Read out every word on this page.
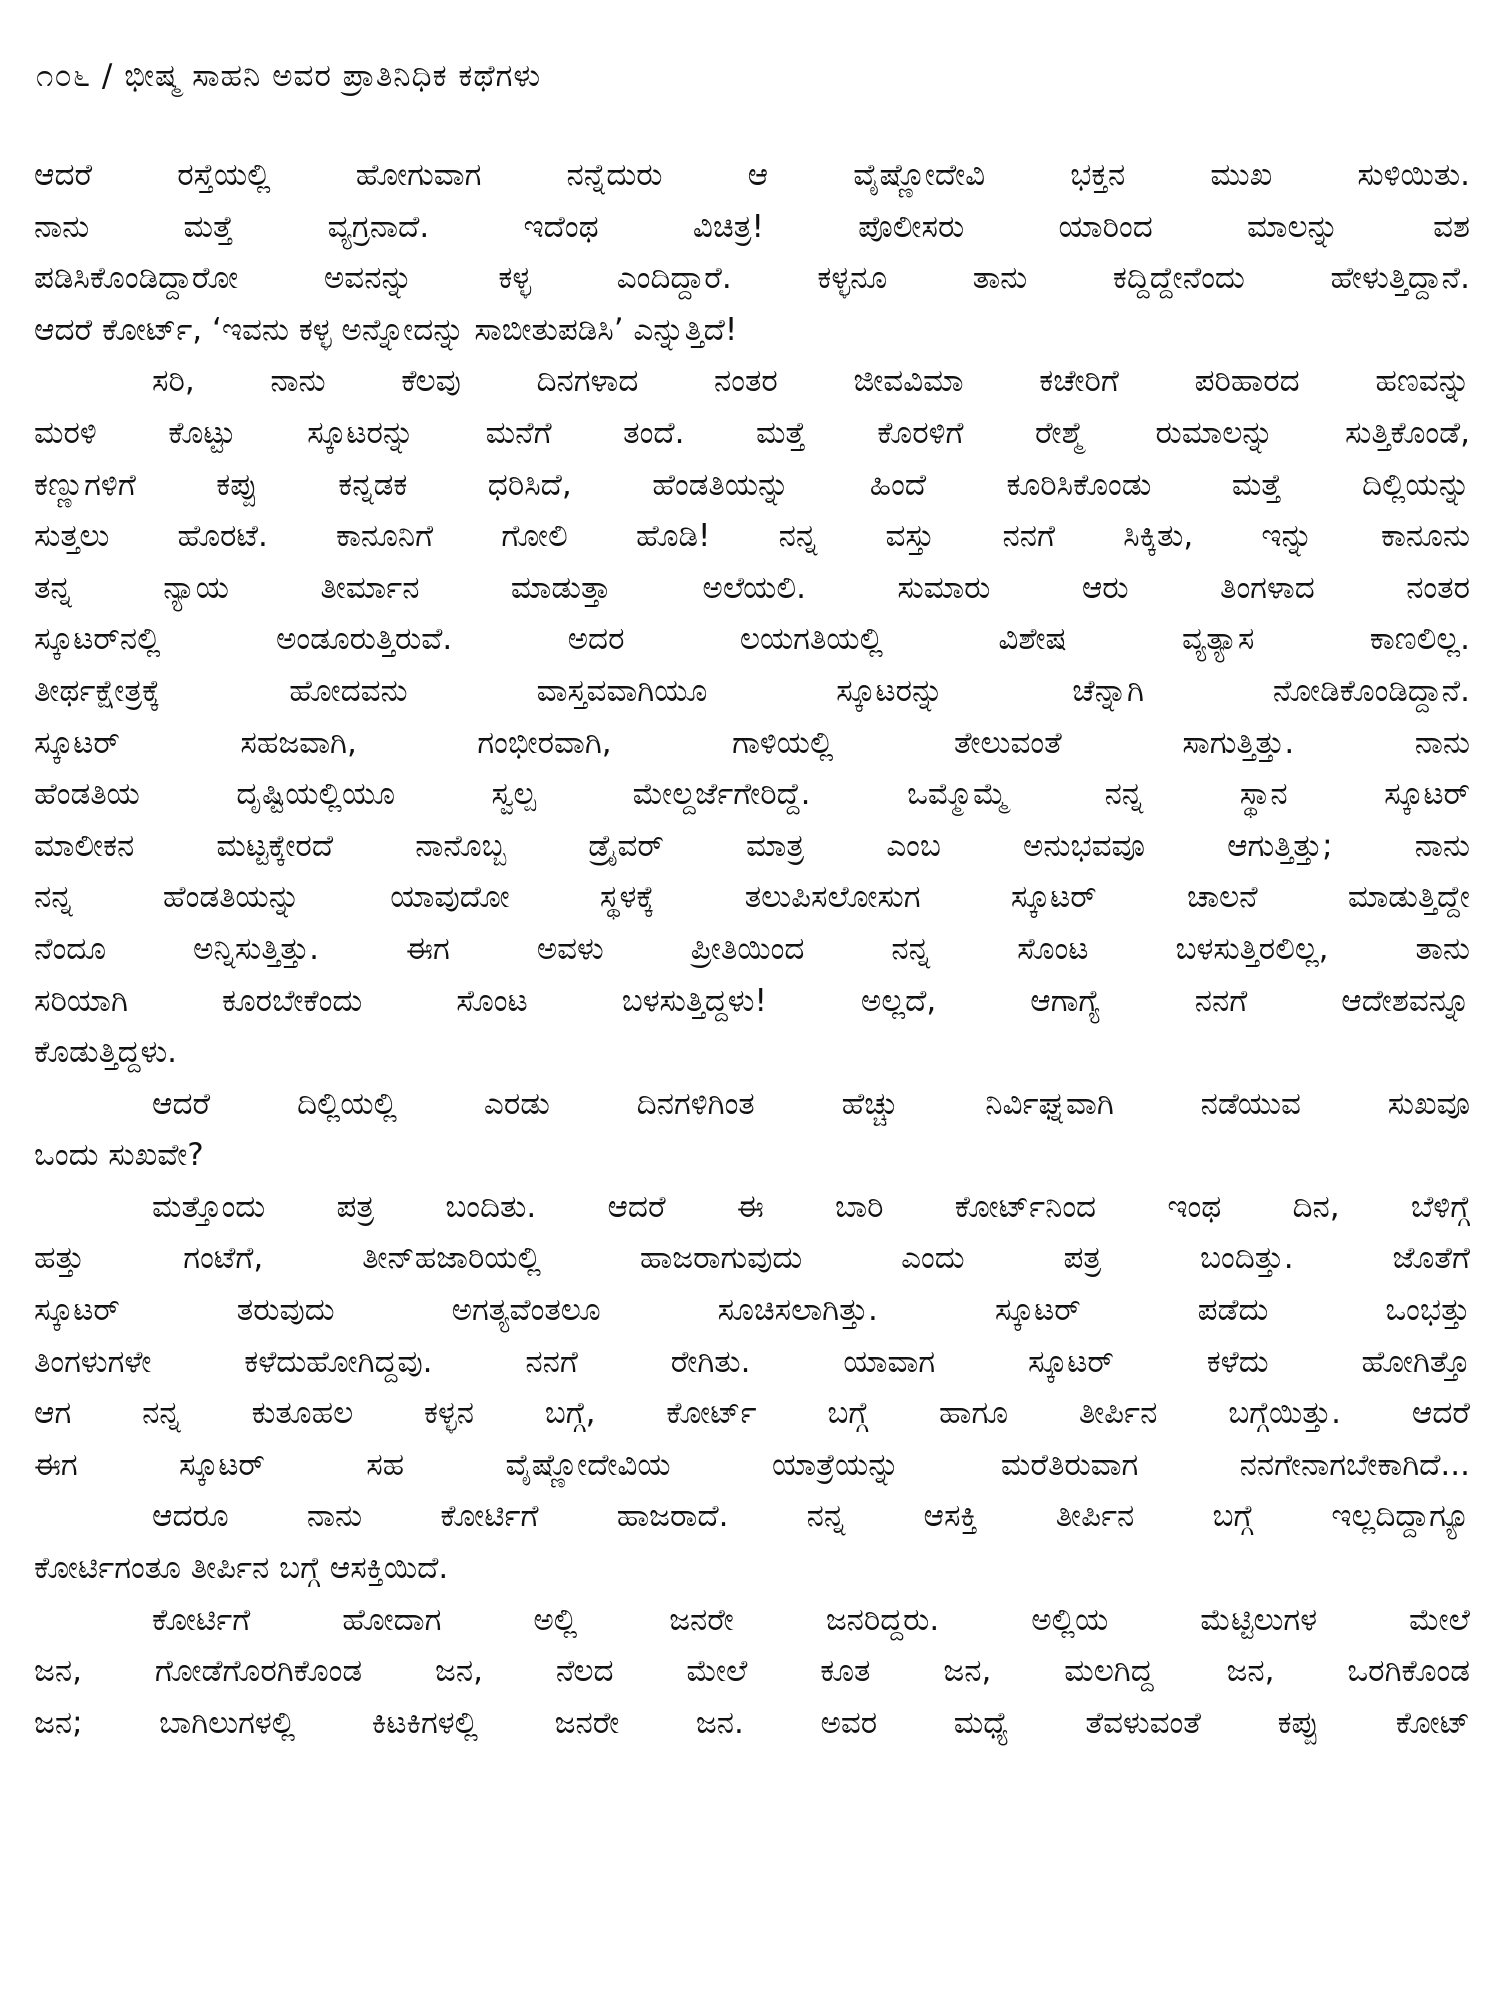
೧೦೬ / ಭೀಷ್ಮ ಸಾಹನಿ ಅವರ ಪ್ರಾತಿನಿಧಿಕ ಕಥೆಗಳು
ಆದರೆ ರಸ್ತೆಯಲ್ಲಿ ಹೋಗುವಾಗ ನನ್ನೆದುರು ಆ ವೈಷ್ಣೋದೇವಿ ಭಕ್ತನ ಮುಖ ಸುಳಿಯಿತು.
ನಾನು ಮತ್ತೆ ವ್ಯಗ್ರನಾದೆ. ಇದೆಂಥ ವಿಚಿತ್ರ! ಪೊಲೀಸರು ಯಾರಿಂದ ಮಾಲನ್ನು ವಶ
ಪಡಿಸಿಕೊಂಡಿದ್ದಾರೋ ಅವನನ್ನು ಕಳ್ಳ ಎಂದಿದ್ದಾರೆ. ಕಳ್ಳನೂ ತಾನು ಕದ್ದಿದ್ದೇನೆಂದು ಹೇಳುತ್ತಿದ್ದಾನೆ.
ಆದರೆ ಕೋರ್ಟ್, ‘ಇವನು ಕಳ್ಳ ಅನ್ನೋದನ್ನು ಸಾಬೀತುಪಡಿಸಿ’ ಎನ್ನುತ್ತಿದೆ!
ಸರಿ, ನಾನು ಕೆಲವು ದಿನಗಳಾದ ನಂತರ ಜೀವವಿಮಾ ಕಚೇರಿಗೆ ಪರಿಹಾರದ ಹಣವನ್ನು
ಮರಳಿ ಕೊಟ್ಟು ಸ್ಕೂಟರನ್ನು ಮನೆಗೆ ತಂದೆ. ಮತ್ತೆ ಕೊರಳಿಗೆ ರೇಶ್ಮೆ ರುಮಾಲನ್ನು ಸುತ್ತಿಕೊಂಡೆ,
ಕಣ್ಣುಗಳಿಗೆ ಕಪ್ಪು ಕನ್ನಡಕ ಧರಿಸಿದೆ, ಹೆಂಡತಿಯನ್ನು ಹಿಂದೆ ಕೂರಿಸಿಕೊಂಡು ಮತ್ತೆ ದಿಲ್ಲಿಯನ್ನು
ಸುತ್ತಲು ಹೊರಟೆ. ಕಾನೂನಿಗೆ ಗೋಲಿ ಹೊಡಿ! ನನ್ನ ವಸ್ತು ನನಗೆ ಸಿಕ್ಕಿತು, ಇನ್ನು ಕಾನೂನು
ತನ್ನ ನ್ಯಾಯ ತೀರ್ಮಾನ ಮಾಡುತ್ತಾ ಅಲೆಯಲಿ. ಸುಮಾರು ಆರು ತಿಂಗಳಾದ ನಂತರ
ಸ್ಕೂಟರ್‌ನಲ್ಲಿ ಅಂಡೂರುತ್ತಿರುವೆ. ಅದರ ಲಯಗತಿಯಲ್ಲಿ ವಿಶೇಷ ವ್ಯತ್ಯಾಸ ಕಾಣಲಿಲ್ಲ.
ತೀರ್ಥಕ್ಷೇತ್ರಕ್ಕೆ ಹೋದವನು ವಾಸ್ತವವಾಗಿಯೂ ಸ್ಕೂಟರನ್ನು ಚೆನ್ನಾಗಿ ನೋಡಿಕೊಂಡಿದ್ದಾನೆ.
ಸ್ಕೂಟರ್ ಸಹಜವಾಗಿ, ಗಂಭೀರವಾಗಿ, ಗಾಳಿಯಲ್ಲಿ ತೇಲುವಂತೆ ಸಾಗುತ್ತಿತ್ತು. ನಾನು
ಹೆಂಡತಿಯ ದೃಷ್ಟಿಯಲ್ಲಿಯೂ ಸ್ವಲ್ಪ ಮೇಲ್ದರ್ಜೆಗೇರಿದ್ದೆ. ಒಮ್ಮೊಮ್ಮೆ ನನ್ನ ಸ್ಥಾನ ಸ್ಕೂಟರ್
ಮಾಲೀಕನ ಮಟ್ಟಕ್ಕೇರದೆ ನಾನೊಬ್ಬ ಡ್ರೈವರ್ ಮಾತ್ರ ಎಂಬ ಅನುಭವವೂ ಆಗುತ್ತಿತ್ತು; ನಾನು
ನನ್ನ ಹೆಂಡತಿಯನ್ನು ಯಾವುದೋ ಸ್ಥಳಕ್ಕೆ ತಲುಪಿಸಲೋಸುಗ ಸ್ಕೂಟರ್ ಚಾಲನೆ ಮಾಡುತ್ತಿದ್ದೇ
ನೆಂದೂ ಅನ್ನಿಸುತ್ತಿತ್ತು. ಈಗ ಅವಳು ಪ್ರೀತಿಯಿಂದ ನನ್ನ ಸೊಂಟ ಬಳಸುತ್ತಿರಲಿಲ್ಲ, ತಾನು
ಸರಿಯಾಗಿ ಕೂರಬೇಕೆಂದು ಸೊಂಟ ಬಳಸುತ್ತಿದ್ದಳು! ಅಲ್ಲದೆ, ಆಗಾಗ್ಯೆ ನನಗೆ ಆದೇಶವನ್ನೂ
ಕೊಡುತ್ತಿದ್ದಳು.
ಆದರೆ ದಿಲ್ಲಿಯಲ್ಲಿ ಎರಡು ದಿನಗಳಿಗಿಂತ ಹೆಚ್ಚು ನಿರ್ವಿಘ್ನವಾಗಿ ನಡೆಯುವ ಸುಖವೂ
ಒಂದು ಸುಖವೇ?
ಮತ್ತೊಂದು ಪತ್ರ ಬಂದಿತು. ಆದರೆ ಈ ಬಾರಿ ಕೋರ್ಟ್‌ನಿಂದ ಇಂಥ ದಿನ, ಬೆಳಿಗ್ಗೆ
ಹತ್ತು ಗಂಟೆಗೆ, ತೀನ್‌ಹಜಾರಿಯಲ್ಲಿ ಹಾಜರಾಗುವುದು ಎಂದು ಪತ್ರ ಬಂದಿತ್ತು. ಜೊತೆಗೆ
ಸ್ಕೂಟರ್ ತರುವುದು ಅಗತ್ಯವೆಂತಲೂ ಸೂಚಿಸಲಾಗಿತ್ತು. ಸ್ಕೂಟರ್ ಪಡೆದು ಒಂಭತ್ತು
ತಿಂಗಳುಗಳೇ ಕಳೆದುಹೋಗಿದ್ದವು. ನನಗೆ ರೇಗಿತು. ಯಾವಾಗ ಸ್ಕೂಟರ್ ಕಳೆದು ಹೋಗಿತ್ತೊ
ಆಗ ನನ್ನ ಕುತೂಹಲ ಕಳ್ಳನ ಬಗ್ಗೆ, ಕೋರ್ಟ್ ಬಗ್ಗೆ ಹಾಗೂ ತೀರ್ಪಿನ ಬಗ್ಗೆಯಿತ್ತು. ಆದರೆ
ಈಗ ಸ್ಕೂಟರ್ ಸಹ ವೈಷ್ಣೋದೇವಿಯ ಯಾತ್ರೆಯನ್ನು ಮರೆತಿರುವಾಗ ನನಗೇನಾಗಬೇಕಾಗಿದೆ...
ಆದರೂ ನಾನು ಕೋರ್ಟಿಗೆ ಹಾಜರಾದೆ. ನನ್ನ ಆಸಕ್ತಿ ತೀರ್ಪಿನ ಬಗ್ಗೆ ಇಲ್ಲದಿದ್ದಾಗ್ಯೂ
ಕೋರ್ಟಿಗಂತೂ ತೀರ್ಪಿನ ಬಗ್ಗೆ ಆಸಕ್ತಿಯಿದೆ.
ಕೋರ್ಟಿಗೆ ಹೋದಾಗ ಅಲ್ಲಿ ಜನರೇ ಜನರಿದ್ದರು. ಅಲ್ಲಿಯ ಮೆಟ್ಟಿಲುಗಳ ಮೇಲೆ
ಜನ, ಗೋಡೆಗೊರಗಿಕೊಂಡ ಜನ, ನೆಲದ ಮೇಲೆ ಕೂತ ಜನ, ಮಲಗಿದ್ದ ಜನ, ಒರಗಿಕೊಂಡ
ಜನ; ಬಾಗಿಲುಗಳಲ್ಲಿ ಕಿಟಕಿಗಳಲ್ಲಿ ಜನರೇ ಜನ. ಅವರ ಮಧ್ಯೆ ತೆವಳುವಂತೆ ಕಪ್ಪು ಕೋಟ್
